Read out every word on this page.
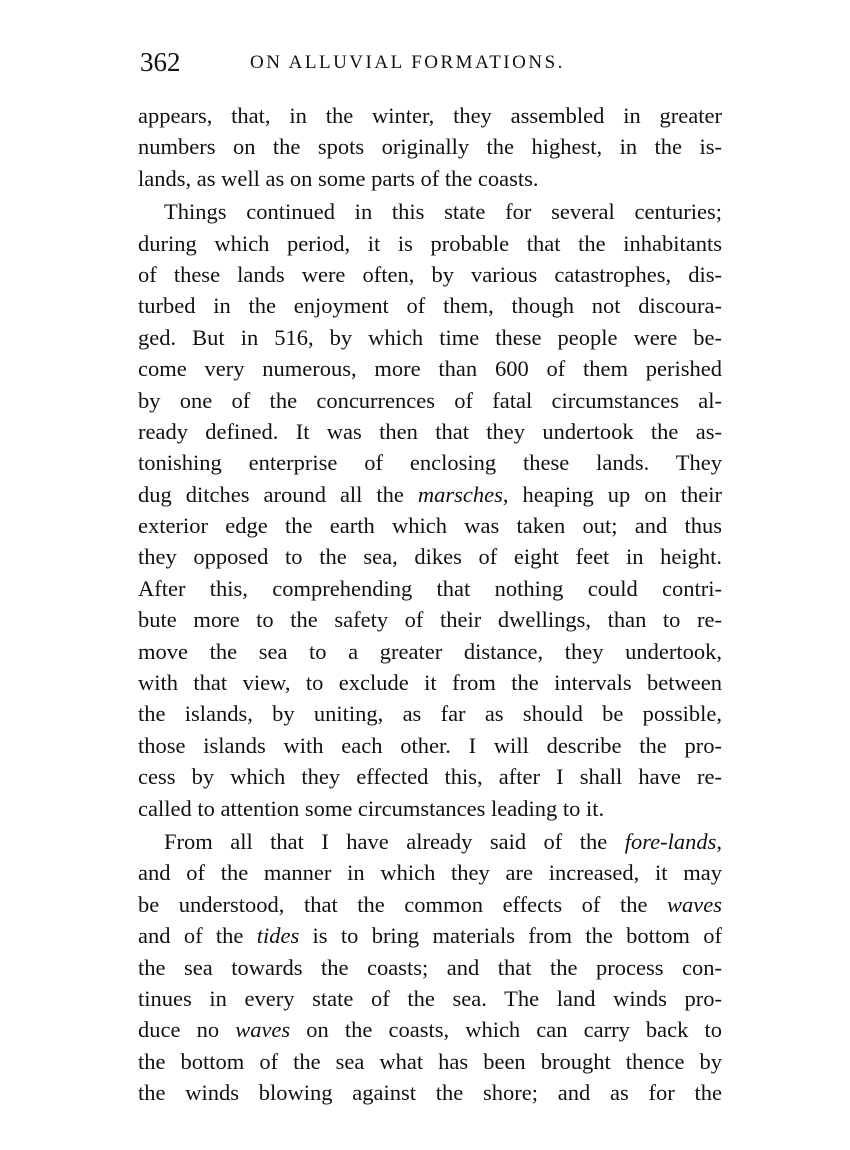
362	ON ALLUVIAL FORMATIONS.
appears, that, in the winter, they assembled in greater
numbers on the spots originally the highest, in the is-
lands, as well as on some parts of the coasts.
Things continued in this state for several centuries;
during which period, it is probable that the inhabitants
of these lands were often, by various catastrophes, dis-
turbed in the enjoyment of them, though not discoura-
ged. But in 516, by which time these people were be-
come very numerous, more than 600 of them perished
by one of the concurrences of fatal circumstances al-
ready defined. It was then that they undertook the as-
tonishing enterprise of enclosing these lands. They
dug ditches around all the marsches, heaping up on their
exterior edge the earth which was taken out; and thus
they opposed to the sea, dikes of eight feet in height.
After this, comprehending that nothing could contri-
bute more to the safety of their dwellings, than to re-
move the sea to a greater distance, they undertook,
with that view, to exclude it from the intervals between
the islands, by uniting, as far as should be possible,
those islands with each other. I will describe the pro-
cess by which they effected this, after I shall have re-
called to attention some circumstances leading to it.
From all that I have already said of the fore-lands,
and of the manner in which they are increased, it may
be understood, that the common effects of the waves
and of the tides is to bring materials from the bottom of
the sea towards the coasts; and that the process con-
tinues in every state of the sea. The land winds pro-
duce no waves on the coasts, which can carry back to
the bottom of the sea what has been brought thence by
the winds blowing against the shore; and as for the
